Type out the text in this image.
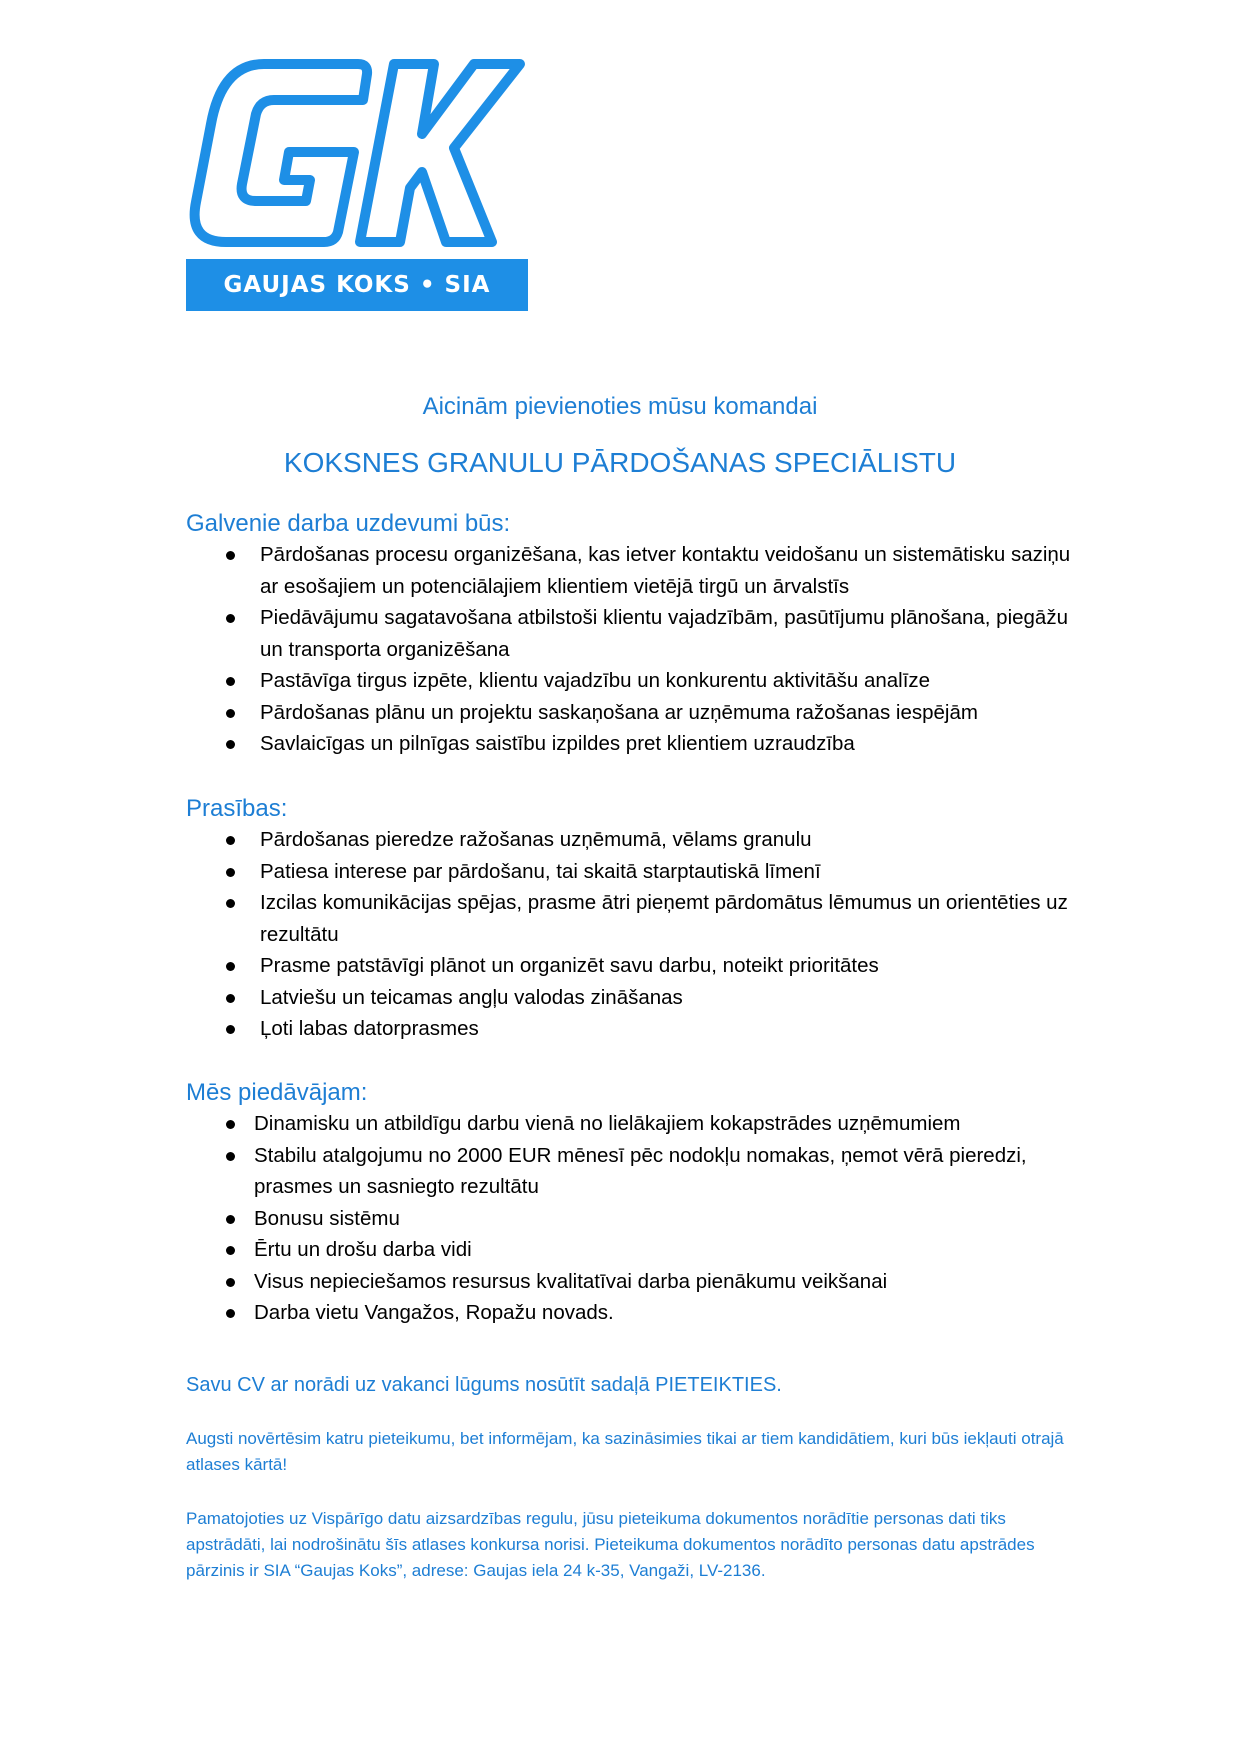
GAUJAS KOKS • SIA
Aicinām pievienoties mūsu komandai
KOKSNES GRANULU PĀRDOŠANAS SPECIĀLISTU
Galvenie darba uzdevumi būs:
Pārdošanas procesu organizēšana, kas ietver kontaktu veidošanu un sistemātisku saziņu ar esošajiem un potenciālajiem klientiem vietējā tirgū un ārvalstīs
Piedāvājumu sagatavošana atbilstoši klientu vajadzībām, pasūtījumu plānošana, piegāžu un transporta organizēšana
Pastāvīga tirgus izpēte, klientu vajadzību un konkurentu aktivitāšu analīze
Pārdošanas plānu un projektu saskaņošana ar uzņēmuma ražošanas iespējām
Savlaicīgas un pilnīgas saistību izpildes pret klientiem uzraudzība
Prasības:
Pārdošanas pieredze ražošanas uzņēmumā, vēlams granulu
Patiesa interese par pārdošanu, tai skaitā starptautiskā līmenī
Izcilas komunikācijas spējas, prasme ātri pieņemt pārdomātus lēmumus un orientēties uz rezultātu
Prasme patstāvīgi plānot un organizēt savu darbu, noteikt prioritātes
Latviešu un teicamas angļu valodas zināšanas
Ļoti labas datorprasmes
Mēs piedāvājam:
Dinamisku un atbildīgu darbu vienā no lielākajiem kokapstrādes uzņēmumiem
Stabilu atalgojumu no 2000 EUR mēnesī pēc nodokļu nomakas, ņemot vērā pieredzi, prasmes un sasniegto rezultātu
Bonusu sistēmu
Ērtu un drošu darba vidi
Visus nepieciešamos resursus kvalitatīvai darba pienākumu veikšanai
Darba vietu Vangažos, Ropažu novads.
Savu CV ar norādi uz vakanci lūgums nosūtīt sadaļā PIETEIKTIES.
Augsti novērtēsim katru pieteikumu, bet informējam, ka sazināsimies tikai ar tiem kandidātiem, kuri būs iekļauti otrajā atlases kārtā!
Pamatojoties uz Vispārīgo datu aizsardzības regulu, jūsu pieteikuma dokumentos norādītie personas dati tiks apstrādāti, lai nodrošinātu šīs atlases konkursa norisi. Pieteikuma dokumentos norādīto personas datu apstrādes pārzinis ir SIA “Gaujas Koks”, adrese: Gaujas iela 24 k-35, Vangaži, LV-2136.
